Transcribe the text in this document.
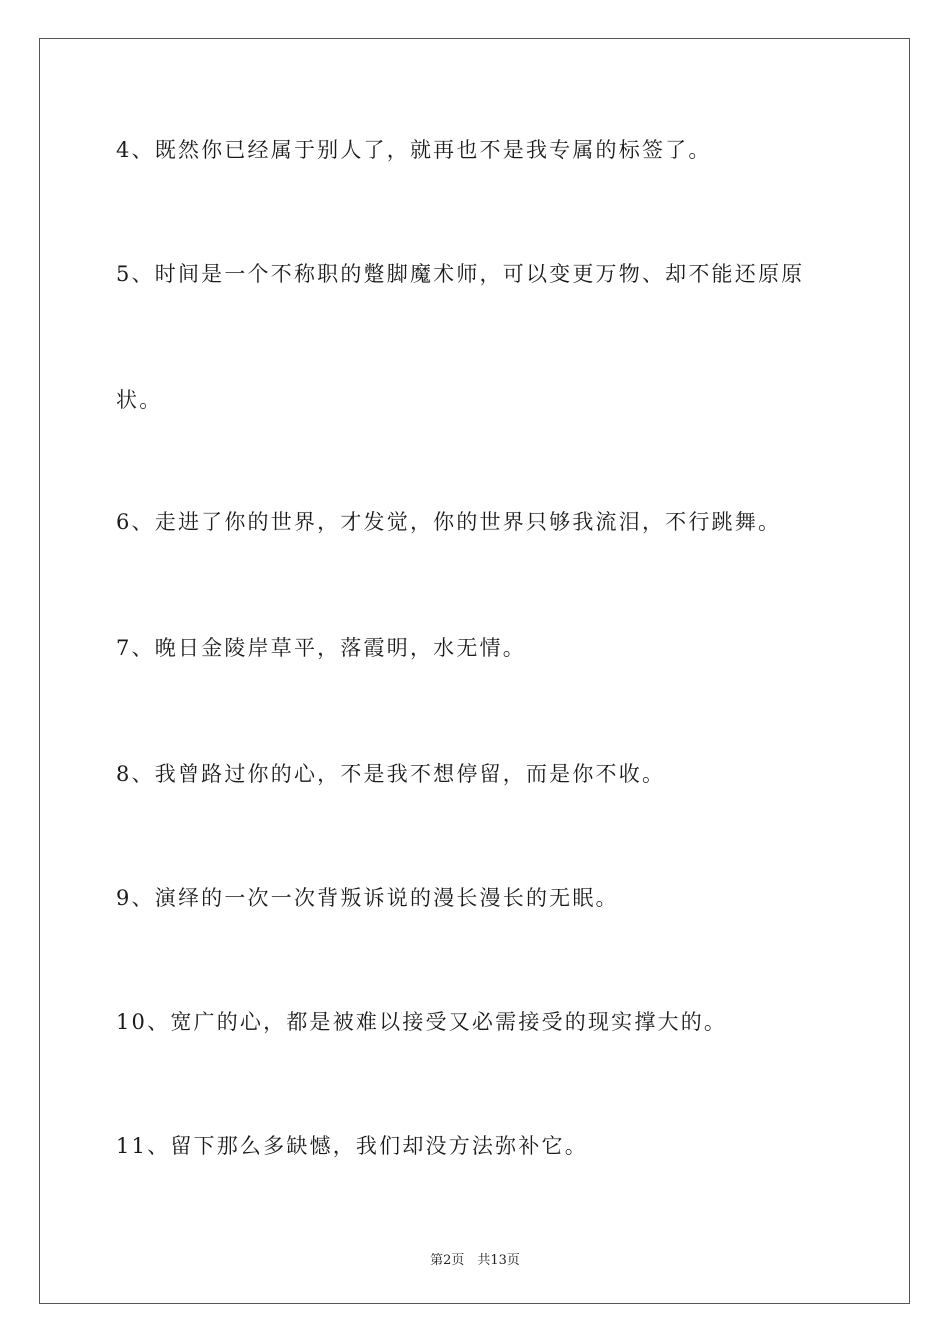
4、既然你已经属于别人了，就再也不是我专属的标签了。
5、时间是一个不称职的蹩脚魔术师，可以变更万物、却不能还原原
状。
6、走进了你的世界，才发觉，你的世界只够我流泪，不行跳舞。
7、晚日金陵岸草平，落霞明，水无情。
8、我曾路过你的心，不是我不想停留，而是你不收。
9、演绎的一次一次背叛诉说的漫长漫长的无眠。
10、宽广的心，都是被难以接受又必需接受的现实撑大的。
11、留下那么多缺憾，我们却没方法弥补它。
第2页　共13页
